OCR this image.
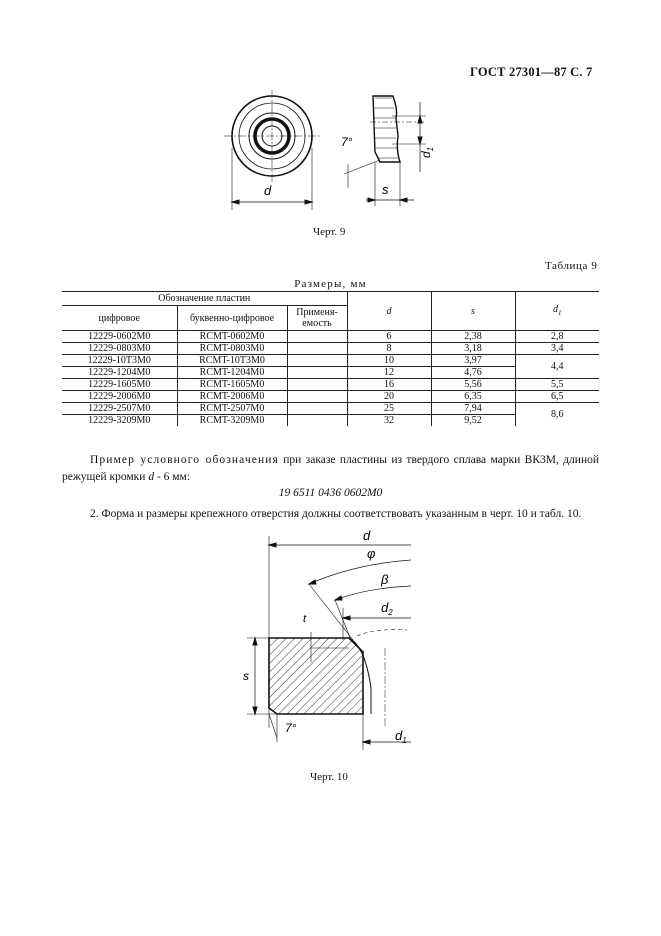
ГОСТ 27301—87 С. 7
d
7°
s
$d_1$
Черт. 9
Таблица 9
Размеры, мм
Обозначение пластин			d	s	$d_1$
цифровое	буквенно-цифровое	Применя-
емость			
12229-0602M0	RCMT-0602M0		6	2,38	2,8
12229-0803M0	RCMT-0803M0		8	3,18	3,4
12229-10T3M0	RCMT-10T3M0		10	3,97	4,4
12229-1204M0	RCMT-1204M0		12	4,76	
12229-1605M0	RCMT-1605M0		16	5,56	5,5
12229-2006M0	RCMT-2006M0		20	6,35	6,5
12229-2507M0	RCMT-2507M0		25	7,94	8,6
12229-3209M0	RCMT-3209M0		32	9,52	
Пример условного обозначения при заказе пластины из твердого сплава марки ВК3М, длиной режущей кромки d ‑ 6 мм:
19 6511 0436 0602M0
2. Форма и размеры крепежного отверстия должны соответствовать указанным в черт. 10 и табл. 10.
d
φ
β
$d_2$
t
s
7°	$d_1$
Черт. 10
